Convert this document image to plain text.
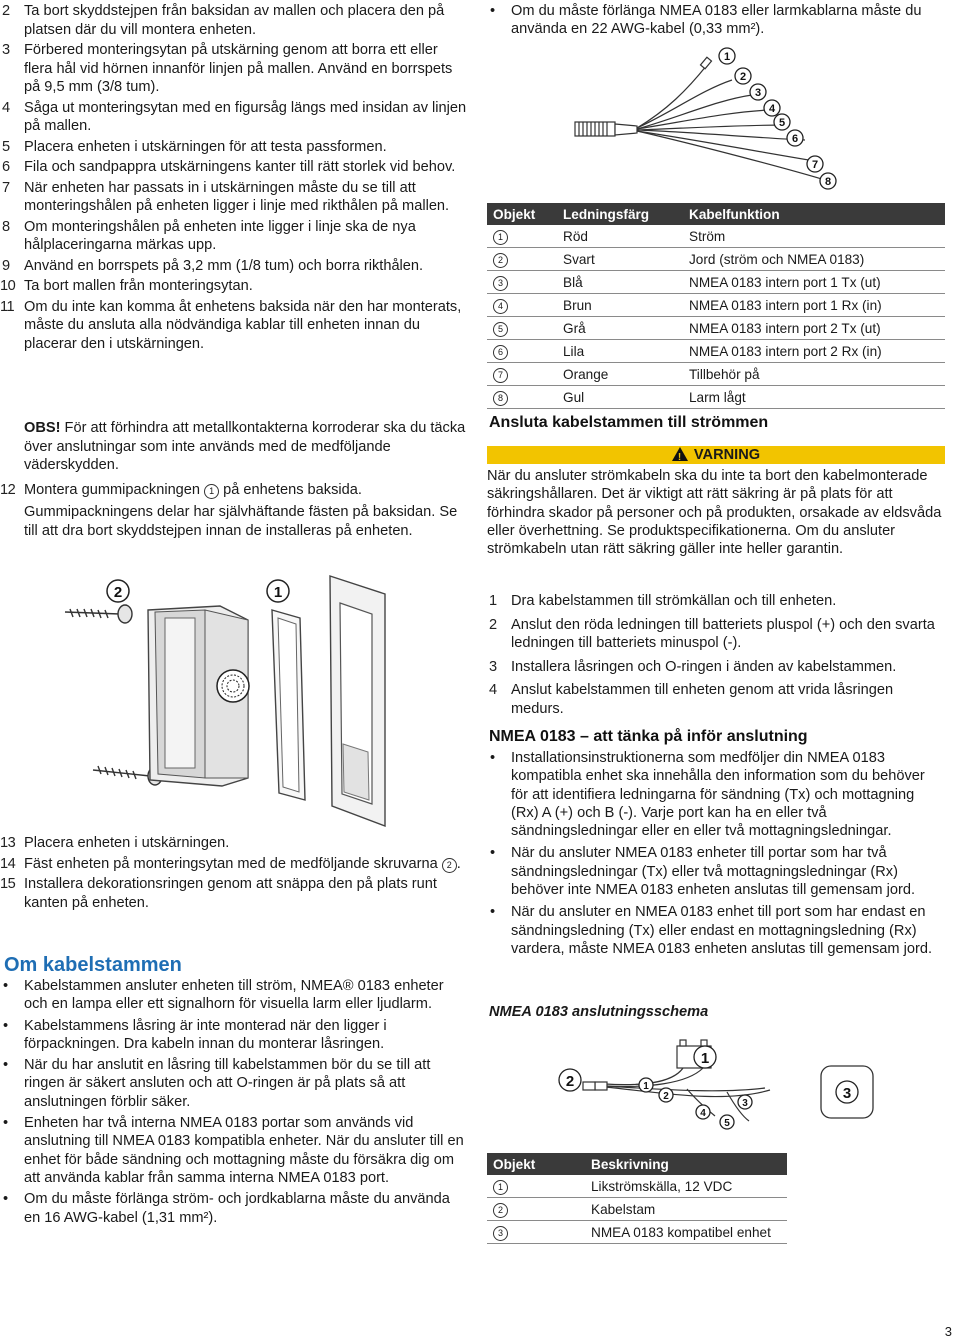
2 Ta bort skyddstejpen från baksidan av mallen och placera den på platsen där du vill montera enheten.

3 Förbered monteringsytan på utskärning genom att borra ett eller flera hål vid hörnen innanför linjen på mallen. Använd en borrspets på 9,5 mm (3/8 tum).

4 Såga ut monteringsytan med en figursåg längs med insidan av linjen på mallen.

5 Placera enheten i utskärningen för att testa passformen.

6 Fila och sandpappra utskärningens kanter till rätt storlek vid behov.

7 När enheten har passats in i utskärningen måste du se till att monteringshålen på enheten ligger i linje med rikthålen på mallen.

8 Om monteringshålen på enheten inte ligger i linje ska de nya hålplaceringarna märkas upp.

9 Använd en borrspets på 3,2 mm (1/8 tum) och borra rikthålen.

10 Ta bort mallen från monteringsytan.

11 Om du inte kan komma åt enhetens baksida när den har monterats, måste du ansluta alla nödvändiga kablar till enheten innan du placerar den i utskärningen.

OBS! För att förhindra att metallkontakterna korroderar ska du täcka över anslutningar som inte används med de medföljande väderskydden.
12 Montera gummipackningen 1 på enhetens baksida.

Gummipackningens delar har självhäftande fästen på baksidan. Se till att dra bort skyddstejpen innan de installeras på enheten.
2	1
13 Placera enheten i utskärningen.

14 Fäst enheten på monteringsytan med de medföljande skruvarna 2 .

15 Installera dekorationsringen genom att snäppa den på plats runt kanten på enheten.

Om kabelstammen
• Kabelstammen ansluter enheten till ström, NMEA® 0183 enheter och en lampa eller ett signalhorn för visuella larm eller ljudlarm.
• Kabelstammens låsring är inte monterad när den ligger i förpackningen. Dra kabeln innan du monterar låsringen.
• När du har anslutit en låsring till kabelstammen bör du se till att ringen är säkert ansluten och att O-ringen är på plats så att anslutningen förblir säker.
• Enheten har två interna NMEA 0183 portar som används vid anslutning till NMEA 0183 kompatibla enheter. När du ansluter till en enhet för både sändning och mottagning måste du försäkra dig om att använda kablar från samma interna NMEA 0183 port.
• Om du måste förlänga ström- och jordkablarna måste du använda en 16 AWG-kabel (1,31 mm²).
• Om du måste förlänga NMEA 0183 eller larmkablarna måste du använda en 22 AWG-kabel (0,33 mm²).
1
2
3
4
5
6
7
8
Objekt	Ledningsfärg	Kabelfunktion
1	Röd	Ström
2	Svart	Jord (ström och NMEA 0183)
3	Blå	NMEA 0183 intern port 1 Tx (ut)
4	Brun	NMEA 0183 intern port 1 Rx (in)
5	Grå	NMEA 0183 intern port 2 Tx (ut)
6	Lila	NMEA 0183 intern port 2 Rx (in)
7	Orange	Tillbehör på
8	Gul	Larm lågt
Ansluta kabelstammen till strömmen
! VARNING
När du ansluter strömkabeln ska du inte ta bort den kabelmonterade säkringshållaren. Det är viktigt att rätt säkring är på plats för att förhindra skador på personer och på produkten, orsakade av eldsvåda eller överhettning. Se produktspecifikationerna. Om du ansluter strömkabeln utan rätt säkring gäller inte heller garantin.
1 Dra kabelstammen till strömkällan och till enheten.

2 Anslut den röda ledningen till batteriets pluspol (+) och den svarta ledningen till batteriets minuspol (-).

3 Installera låsringen och O-ringen i änden av kabelstammen.

4 Anslut kabelstammen till enheten genom att vrida låsringen medurs.

NMEA 0183 – att tänka på inför anslutning
• Installationsinstruktionerna som medföljer din NMEA 0183 kompatibla enhet ska innehålla den information som du behöver för att identifiera ledningarna för sändning (Tx) och mottagning (Rx) A (+) och B (-). Varje port kan ha en eller två sändningsledningar eller en eller två mottagningsledningar.
• När du ansluter NMEA 0183 enheter till portar som har två sändningsledningar (Tx) eller två mottagningsledningar (Rx) behöver inte NMEA 0183 enheten anslutas till gemensam jord.
• När du ansluter en NMEA 0183 enhet till port som har endast en sändningsledning (Tx) eller endast en mottagningsledning (Rx) vardera, måste NMEA 0183 enheten anslutas till gemensam jord.
NMEA 0183 anslutningsschema
2
1
1
2
3
4
5
3
Objekt	Beskrivning
1	Likströmskälla, 12 VDC
2	Kabelstam
3	NMEA 0183 kompatibel enhet
3
